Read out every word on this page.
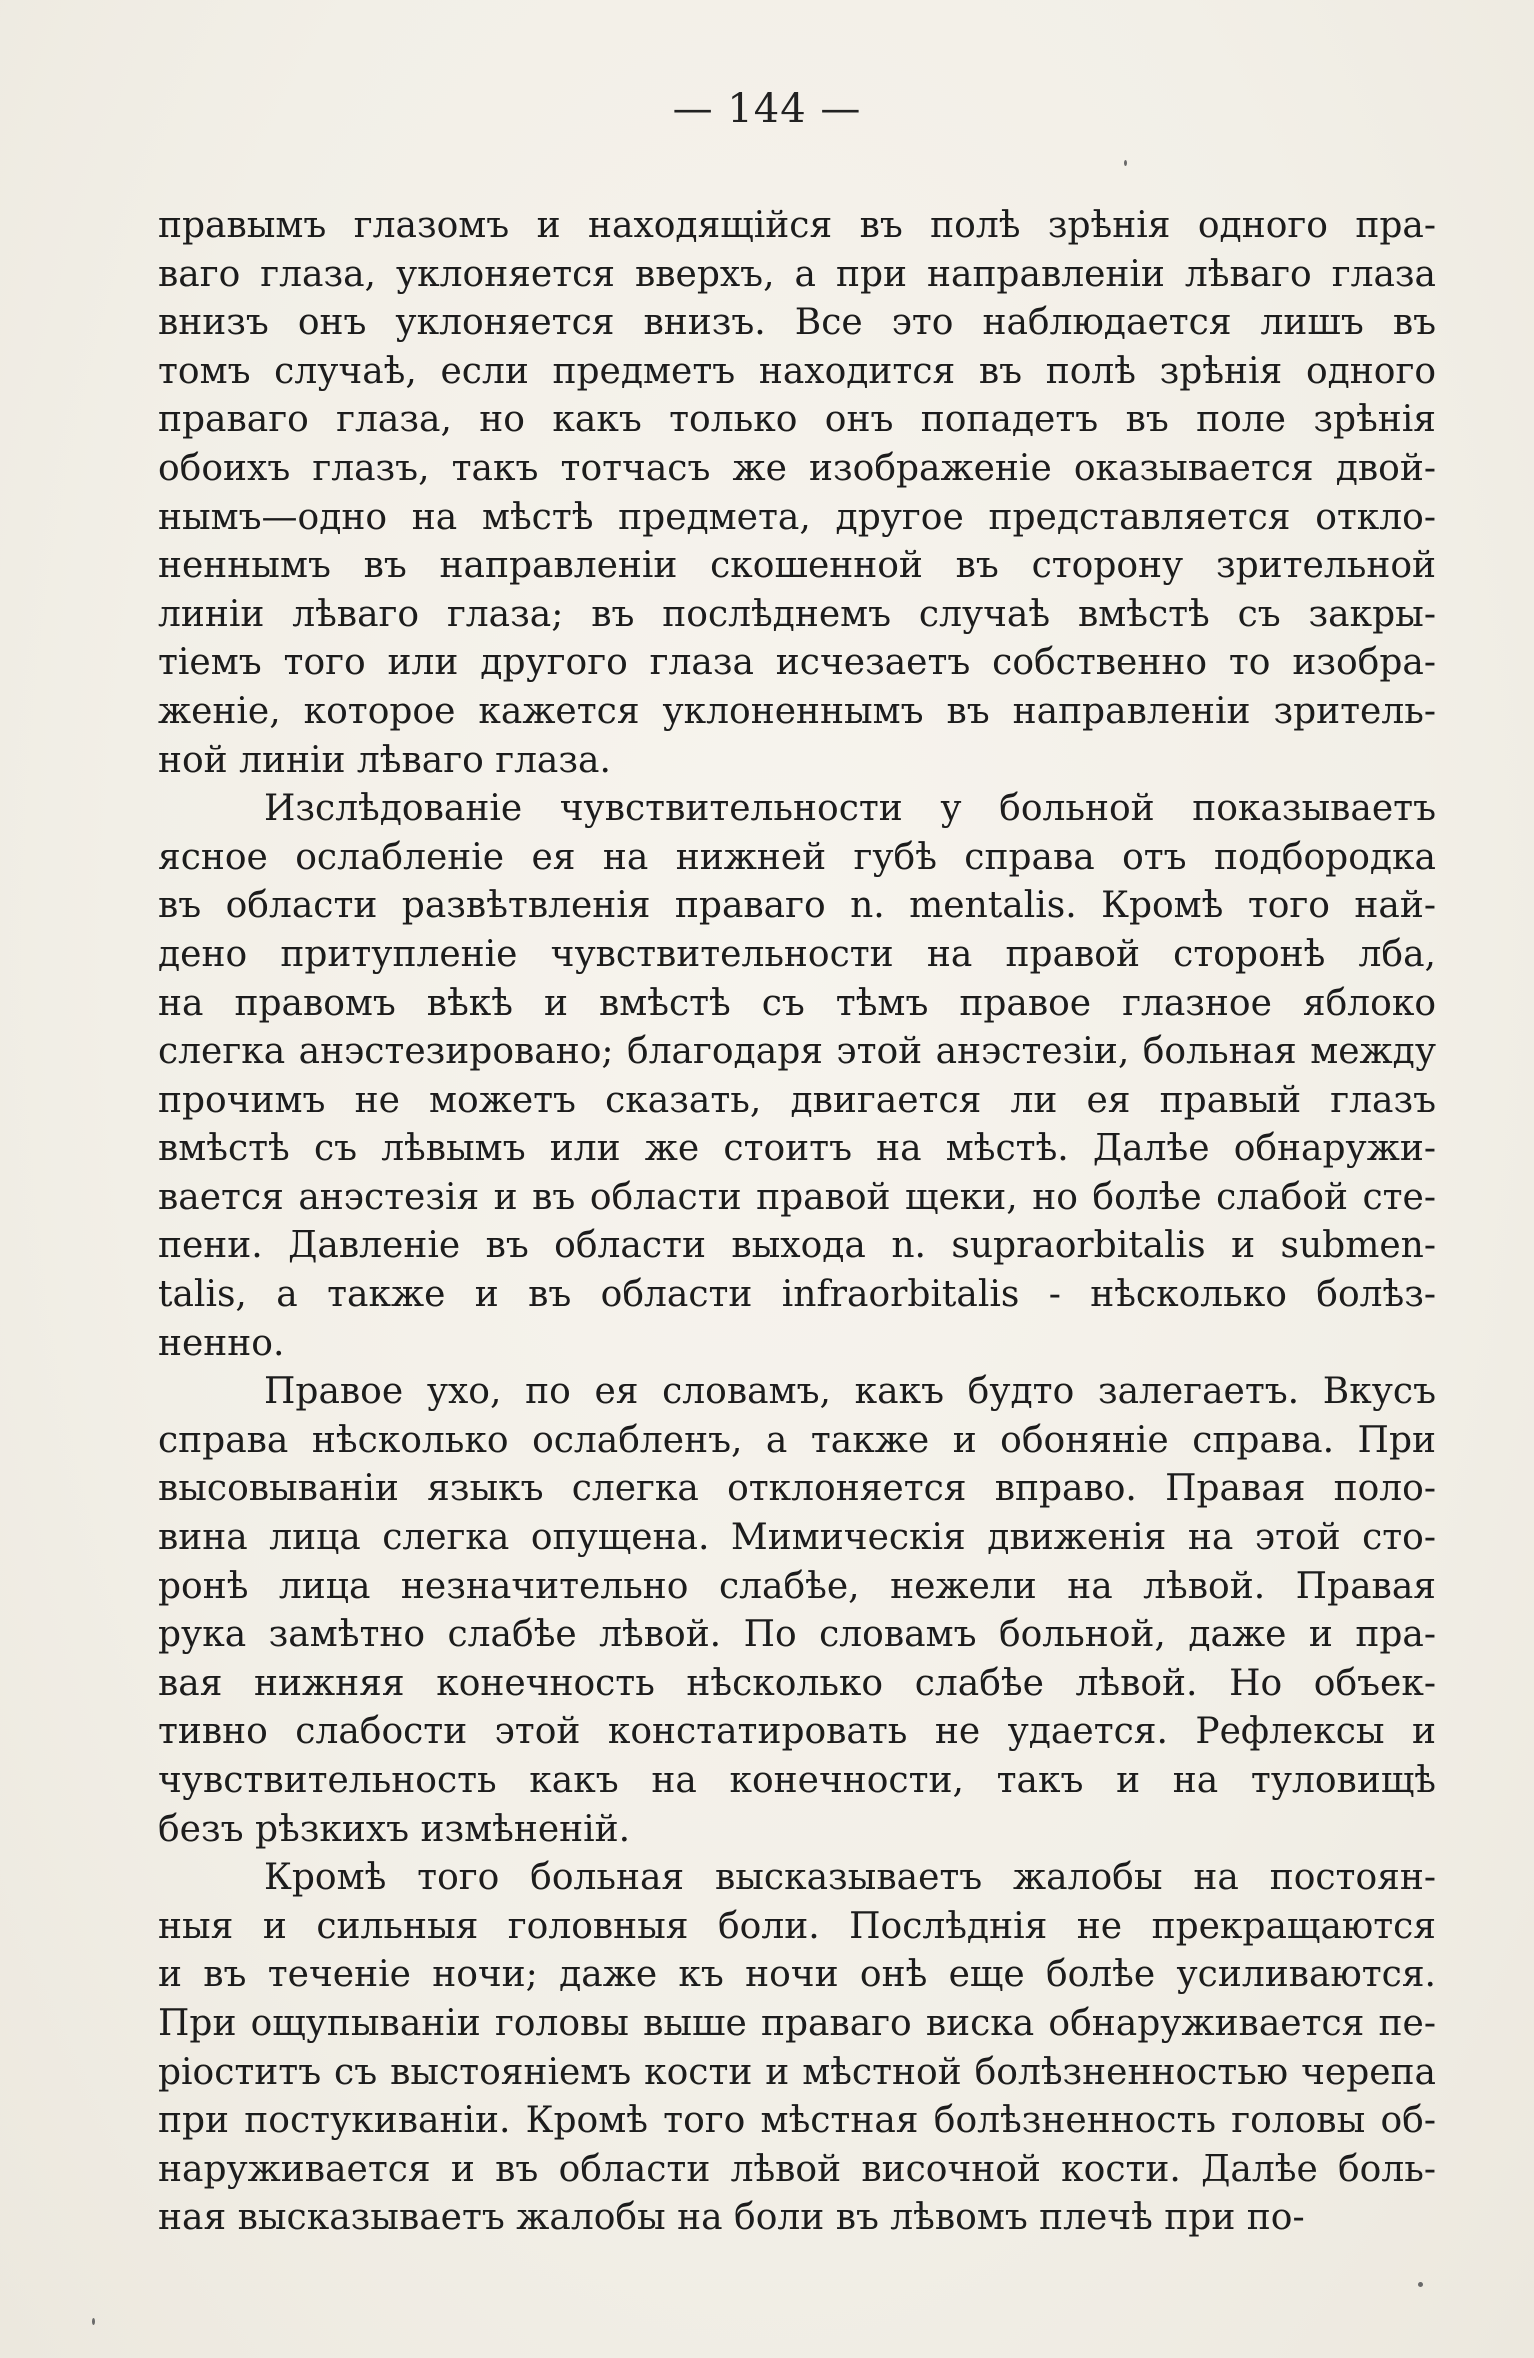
— 144 —
правымъ глазомъ и находящійся въ полѣ зрѣнія одного пра-
ваго глаза, уклоняется вверхъ, а при направленіи лѣваго глаза
внизъ онъ уклоняется внизъ. Все это наблюдается лишъ въ
томъ случаѣ, если предметъ находится въ полѣ зрѣнія одного
праваго глаза, но какъ только онъ попадетъ въ поле зрѣнія
обоихъ глазъ, такъ тотчасъ же изображеніе оказывается двой-
нымъ—одно на мѣстѣ предмета, другое представляется откло-
неннымъ въ направленіи скошенной въ сторону зрительной
линіи лѣваго глаза; въ послѣднемъ случаѣ вмѣстѣ съ закры-
тіемъ того или другого глаза исчезаетъ собственно то изобра-
женіе, которое кажется уклоненнымъ въ направленіи зритель-
ной линіи лѣваго глаза.
Изслѣдованіе чувствительности у больной показываетъ
ясное ослабленіе ея на нижней губѣ справа отъ подбородка
въ области развѣтвленія праваго n. mentalis. Кромѣ того най-
дено притупленіе чувствительности на правой сторонѣ лба,
на правомъ вѣкѣ и вмѣстѣ съ тѣмъ правое глазное яблоко
слегка анэстезировано; благодаря этой анэстезіи, больная между
прочимъ не можетъ сказать, двигается ли ея правый глазъ
вмѣстѣ съ лѣвымъ или же стоитъ на мѣстѣ. Далѣе обнаружи-
вается анэстезія и въ области правой щеки, но болѣе слабой сте-
пени. Давленіе въ области выхода n. supraorbitalis и submen-
talis, а также и въ области infraorbitalis - нѣсколько болѣз-
ненно.
Правое ухо, по ея словамъ, какъ будто залегаетъ. Вкусъ
справа нѣсколько ослабленъ, а также и обоняніе справа. При
высовываніи языкъ слегка отклоняется вправо. Правая поло-
вина лица слегка опущена. Мимическія движенія на этой сто-
ронѣ лица незначительно слабѣе, нежели на лѣвой. Правая
рука замѣтно слабѣе лѣвой. По словамъ больной, даже и пра-
вая нижняя конечность нѣсколько слабѣе лѣвой. Но объек-
тивно слабости этой констатировать не удается. Рефлексы и
чувствительность какъ на конечности, такъ и на туловищѣ
безъ рѣзкихъ измѣненій.
Кромѣ того больная высказываетъ жалобы на постоян-
ныя и сильныя головныя боли. Послѣднія не прекращаются
и въ теченіе ночи; даже къ ночи онѣ еще болѣе усиливаются.
При ощупываніи головы выше праваго виска обнаруживается пе-
ріоститъ съ выстояніемъ кости и мѣстной болѣзненностью черепа
при постукиваніи. Кромѣ того мѣстная болѣзненность головы об-
наруживается и въ области лѣвой височной кости. Далѣе боль-
ная высказываетъ жалобы на боли въ лѣвомъ плечѣ при по-
